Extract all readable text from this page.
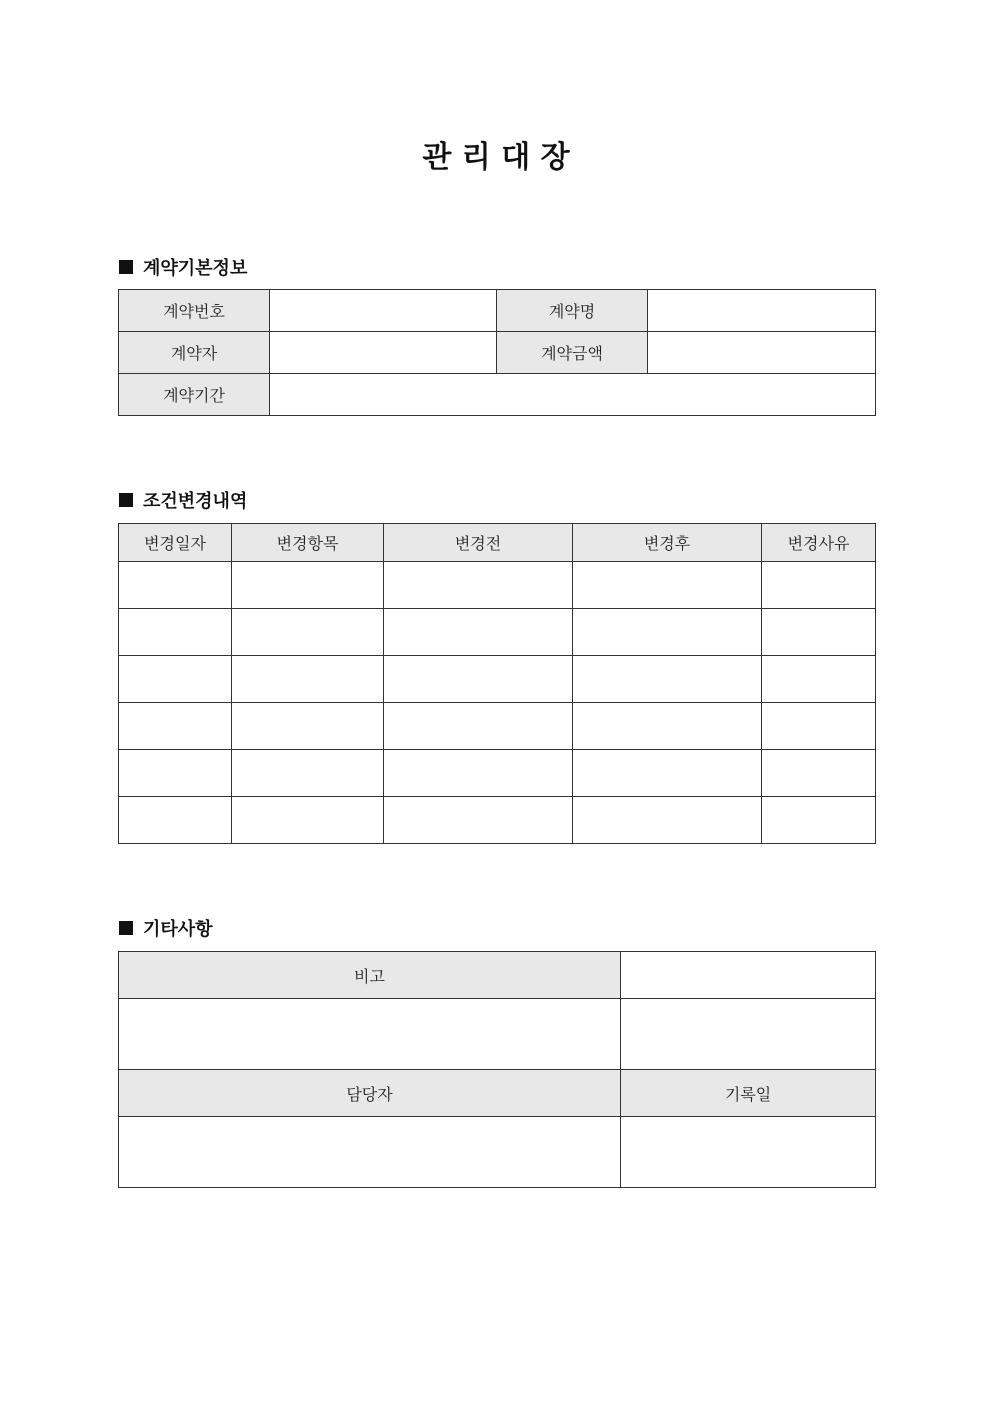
관 리 대 장
계약기본정보
계약번호		계약명	
계약자		계약금액	
계약기간			
조건변경내역
변경일자	변경항목	변경전	변경후	변경사유

기타사항
비고	

담당자	기록일
